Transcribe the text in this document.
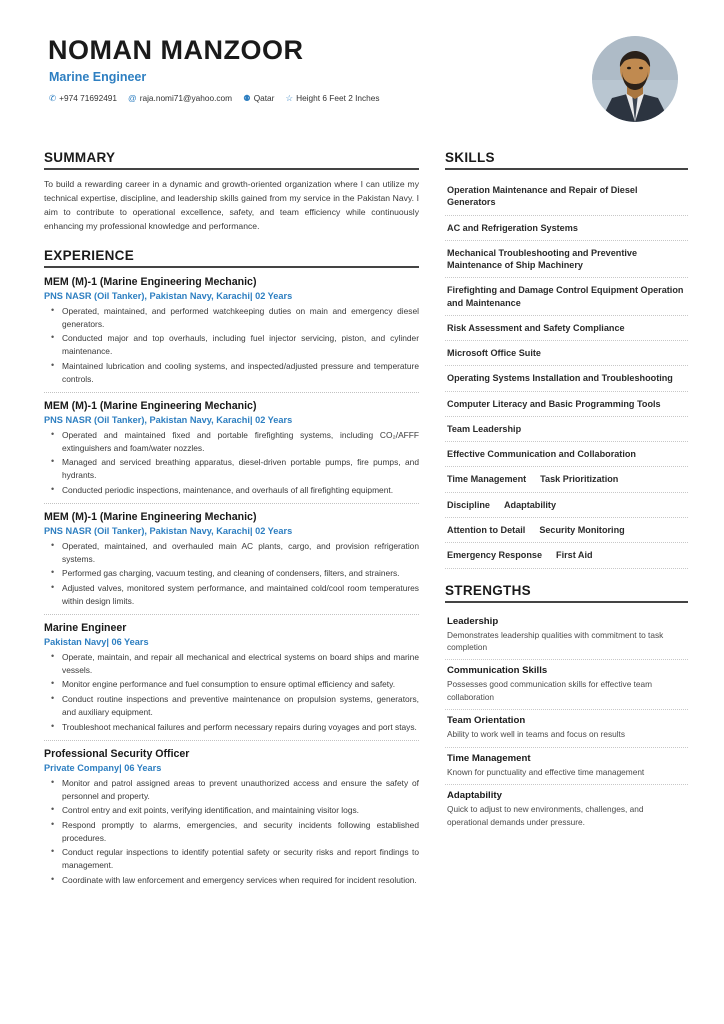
NOMAN MANZOOR
Marine Engineer
✆ +974 71692491 @ raja.nomi71@yahoo.com ⚉ Qatar ☆ Height 6 Feet 2 Inches
SUMMARY
To build a rewarding career in a dynamic and growth-oriented organization where I can utilize my technical expertise, discipline, and leadership skills gained from my service in the Pakistan Navy. I aim to contribute to operational excellence, safety, and team efficiency while continuously enhancing my professional knowledge and performance.
EXPERIENCE
MEM (M)-1 (Marine Engineering Mechanic)
PNS NASR (Oil Tanker), Pakistan Navy, Karachi| 02 Years
• Operated, maintained, and performed watchkeeping duties on main and emergency diesel generators.
• Conducted major and top overhauls, including fuel injector servicing, piston, and cylinder maintenance.
• Maintained lubrication and cooling systems, and inspected/adjusted pressure and temperature controls.
MEM (M)-1 (Marine Engineering Mechanic)
PNS NASR (Oil Tanker), Pakistan Navy, Karachi| 02 Years
• Operated and maintained fixed and portable firefighting systems, including CO₂/AFFF extinguishers and foam/water nozzles.
• Managed and serviced breathing apparatus, diesel-driven portable pumps, fire pumps, and hydrants.
• Conducted periodic inspections, maintenance, and overhauls of all firefighting equipment.
MEM (M)-1 (Marine Engineering Mechanic)
PNS NASR (Oil Tanker), Pakistan Navy, Karachi| 02 Years
• Operated, maintained, and overhauled main AC plants, cargo, and provision refrigeration systems.
• Performed gas charging, vacuum testing, and cleaning of condensers, filters, and strainers.
• Adjusted valves, monitored system performance, and maintained cold/cool room temperatures within design limits.
Marine Engineer
Pakistan Navy| 06 Years
• Operate, maintain, and repair all mechanical and electrical systems on board ships and marine vessels.
• Monitor engine performance and fuel consumption to ensure optimal efficiency and safety.
• Conduct routine inspections and preventive maintenance on propulsion systems, generators, and auxiliary equipment.
• Troubleshoot mechanical failures and perform necessary repairs during voyages and port stays.
Professional Security Officer
Private Company| 06 Years
• Monitor and patrol assigned areas to prevent unauthorized access and ensure the safety of personnel and property.
• Control entry and exit points, verifying identification, and maintaining visitor logs.
• Respond promptly to alarms, emergencies, and security incidents following established procedures.
• Conduct regular inspections to identify potential safety or security risks and report findings to management.
• Coordinate with law enforcement and emergency services when required for incident resolution.
SKILLS
Operation Maintenance and Repair of Diesel Generators
AC and Refrigeration Systems
Mechanical Troubleshooting and Preventive Maintenance of Ship Machinery
Firefighting and Damage Control Equipment Operation and Maintenance
Risk Assessment and Safety Compliance
Microsoft Office Suite
Operating Systems Installation and Troubleshooting
Computer Literacy and Basic Programming Tools
Team Leadership
Effective Communication and Collaboration
Time Management Task Prioritization
Discipline Adaptability
Attention to Detail Security Monitoring
Emergency Response First Aid
STRENGTHS
Leadership
Demonstrates leadership qualities with commitment to task completion
Communication Skills
Possesses good communication skills for effective team collaboration
Team Orientation
Ability to work well in teams and focus on results
Time Management
Known for punctuality and effective time management
Adaptability
Quick to adjust to new environments, challenges, and operational demands under pressure.
